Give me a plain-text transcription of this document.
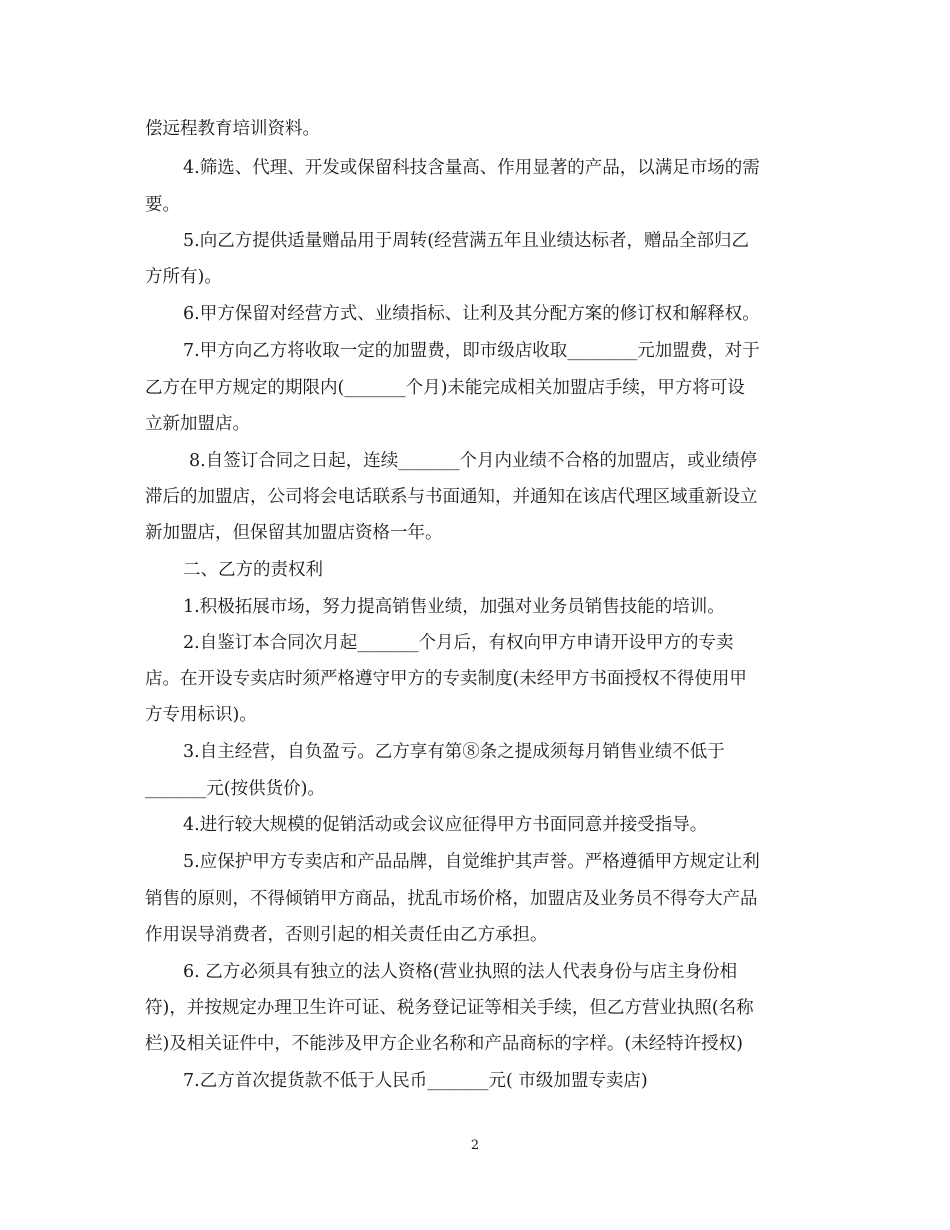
偿远程教育培训资料。
4.筛选、代理、开发或保留科技含量高、作用显著的产品，以满足市场的需
要。
5.向乙方提供适量赠品用于周转(经营满五年且业绩达标者，赠品全部归乙
方所有)。
6.甲方保留对经营方式、业绩指标、让利及其分配方案的修订权和解释权。
7.甲方向乙方将收取一定的加盟费，即市级店收取________元加盟费，对于
乙方在甲方规定的期限内(_______个月)未能完成相关加盟店手续，甲方将可设
立新加盟店。
8.自签订合同之日起，连续_______个月内业绩不合格的加盟店，或业绩停
滞后的加盟店，公司将会电话联系与书面通知，并通知在该店代理区域重新设立
新加盟店，但保留其加盟店资格一年。
二、乙方的责权利
1.积极拓展市场，努力提高销售业绩，加强对业务员销售技能的培训。
2.自鉴订本合同次月起_______个月后，有权向甲方申请开设甲方的专卖
店。在开设专卖店时须严格遵守甲方的专卖制度(未经甲方书面授权不得使用甲
方专用标识)。
3.自主经营，自负盈亏。乙方享有第⑧条之提成须每月销售业绩不低于
_______元(按供货价)。
4.进行较大规模的促销活动或会议应征得甲方书面同意并接受指导。
5.应保护甲方专卖店和产品品牌，自觉维护其声誉。严格遵循甲方规定让利
销售的原则，不得倾销甲方商品，扰乱市场价格，加盟店及业务员不得夸大产品
作用误导消费者，否则引起的相关责任由乙方承担。
6. 乙方必须具有独立的法人资格(营业执照的法人代表身份与店主身份相
符)，并按规定办理卫生许可证、税务登记证等相关手续，但乙方营业执照(名称
栏)及相关证件中，不能涉及甲方企业名称和产品商标的字样。(未经特许授权)
7.乙方首次提货款不低于人民币_______元( 市级加盟专卖店)
2
